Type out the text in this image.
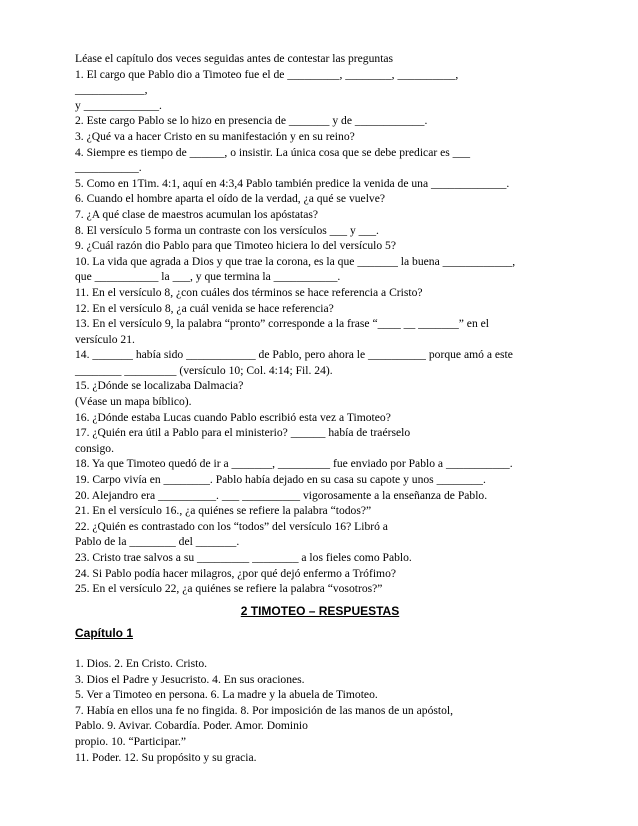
Léase el capítulo dos veces seguidas antes de contestar las preguntas
1. El cargo que Pablo dio a Timoteo fue el de _________, ________, __________,
____________,
y _____________.
2. Este cargo Pablo se lo hizo en presencia de _______ y de ____________.
3. ¿Qué va a hacer Cristo en su manifestación y en su reino?
4. Siempre es tiempo de ______, o insistir. La única cosa que se debe predicar es ___
___________.
5. Como en 1Tim. 4:1, aquí en 4:3,4 Pablo también predice la venida de una _____________.
6. Cuando el hombre aparta el oído de la verdad, ¿a qué se vuelve?
7. ¿A qué clase de maestros acumulan los apóstatas?
8. El versículo 5 forma un contraste con los versículos ___ y ___.
9. ¿Cuál razón dio Pablo para que Timoteo hiciera lo del versículo 5?
10. La vida que agrada a Dios y que trae la corona, es la que _______ la buena ____________,
que ___________ la ___, y que termina la ___________.
11. En el versículo 8, ¿con cuáles dos términos se hace referencia a Cristo?
12. En el versículo 8, ¿a cuál venida se hace referencia?
13. En el versículo 9, la palabra “pronto” corresponde a la frase “____ __ _______” en el
versículo 21.
14. _______ había sido ____________ de Pablo, pero ahora le __________ porque amó a este
________ _________ (versículo 10; Col. 4:14; Fil. 24).
15. ¿Dónde se localizaba Dalmacia?
(Véase un mapa bíblico).
16. ¿Dónde estaba Lucas cuando Pablo escribió esta vez a Timoteo?
17. ¿Quién era útil a Pablo para el ministerio? ______ había de traérselo
consigo.
18. Ya que Timoteo quedó de ir a _______, _________ fue enviado por Pablo a ___________.
19. Carpo vivía en ________. Pablo había dejado en su casa su capote y unos ________.
20. Alejandro era __________. ___ __________ vigorosamente a la enseñanza de Pablo.
21. En el versículo 16., ¿a quiénes se refiere la palabra “todos?”
22. ¿Quién es contrastado con los “todos” del versículo 16? Libró a
Pablo de la ________ del _______.
23. Cristo trae salvos a su _________ ________ a los fieles como Pablo.
24. Si Pablo podía hacer milagros, ¿por qué dejó enfermo a Trófimo?
25. En el versículo 22, ¿a quiénes se refiere la palabra “vosotros?”
2 TIMOTEO – RESPUESTAS
Capítulo 1
1. Dios. 2. En Cristo. Cristo.
3. Dios el Padre y Jesucristo. 4. En sus oraciones.
5. Ver a Timoteo en persona. 6. La madre y la abuela de Timoteo.
7. Había en ellos una fe no fingida. 8. Por imposición de las manos de un apóstol,
Pablo. 9. Avivar. Cobardía. Poder. Amor. Dominio
propio. 10. “Participar.”
11. Poder. 12. Su propósito y su gracia.
